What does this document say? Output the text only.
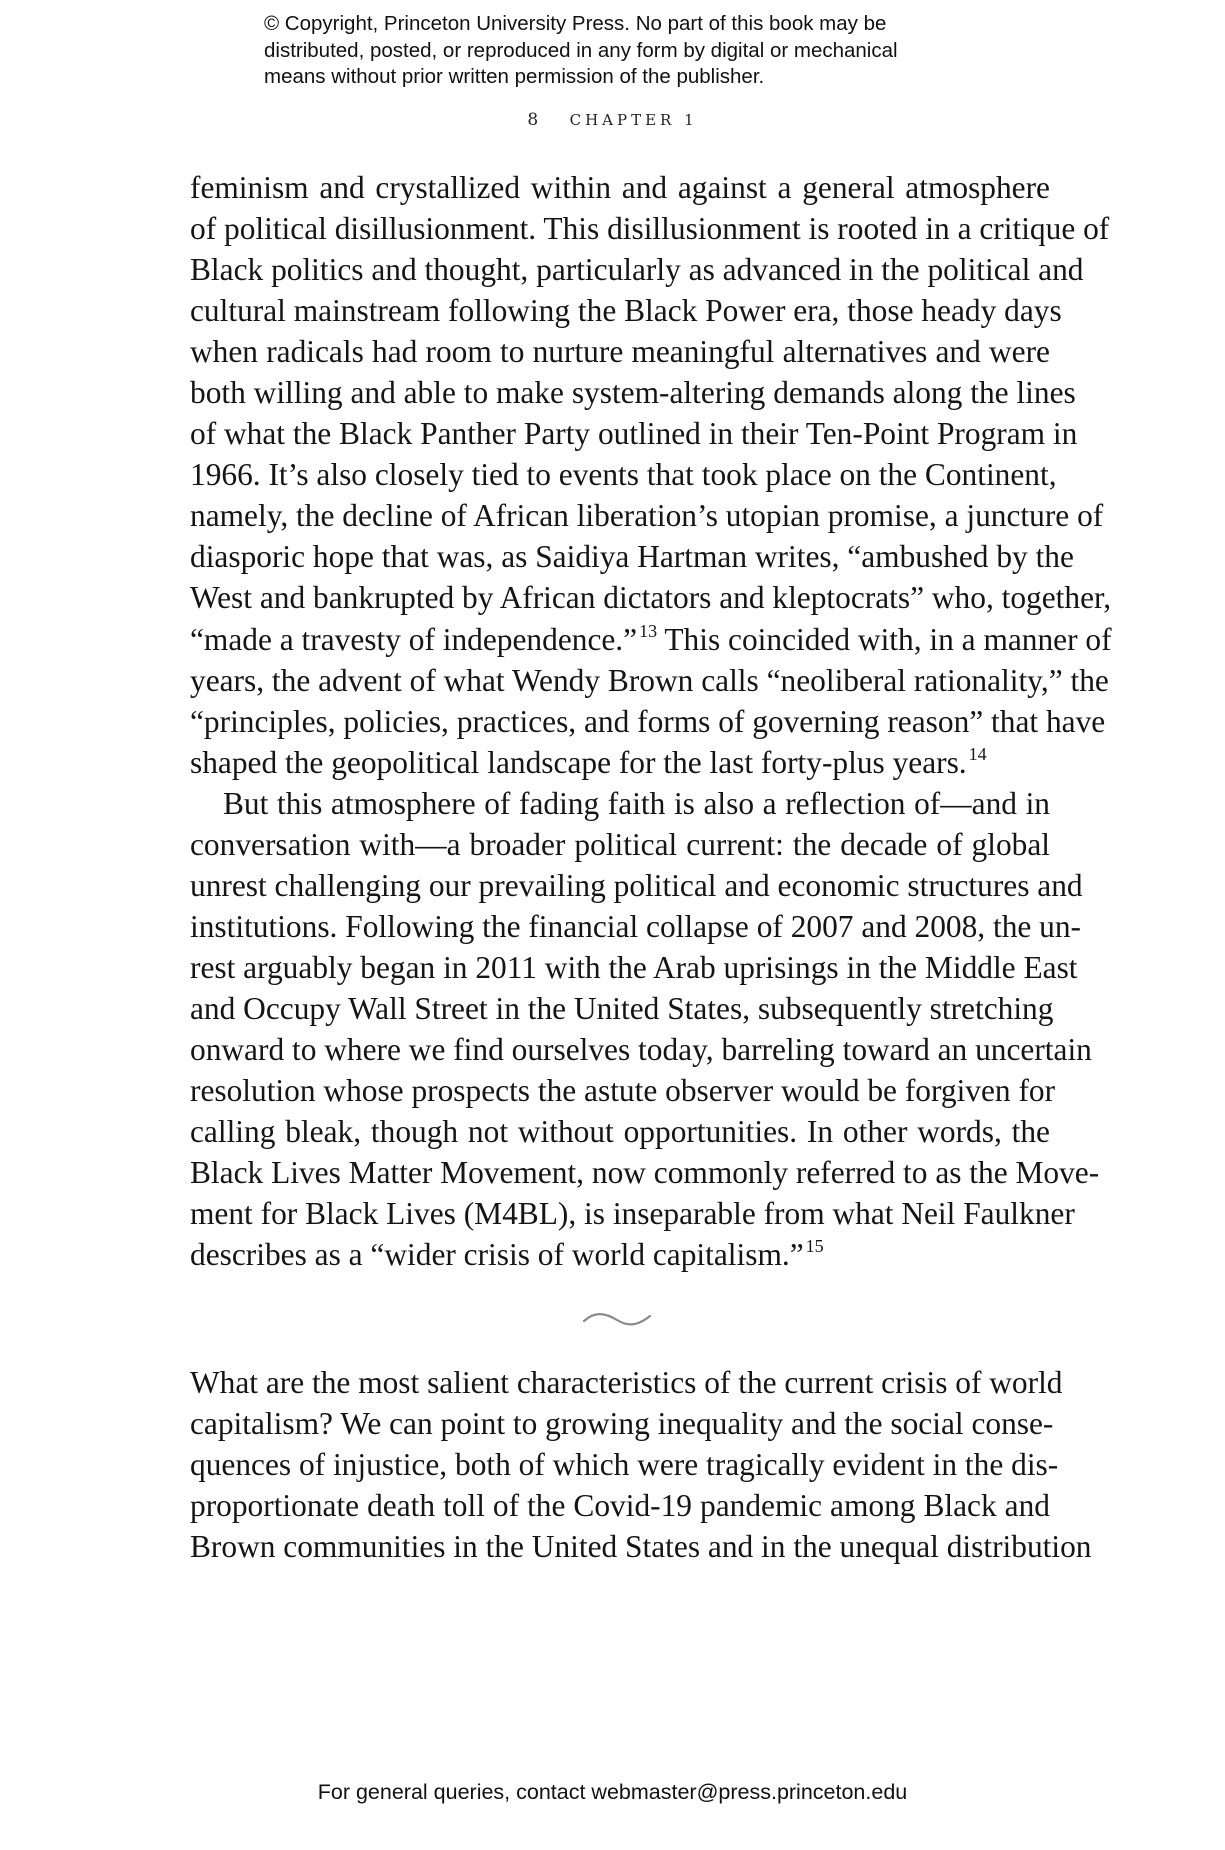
© Copyright, Princeton University Press. No part of this book may be
distributed, posted, or reproduced in any form by digital or mechanical
means without prior written permission of the publisher.
8 CHAPTER 1
feminism and crystallized within and against a general atmosphere
of political disillusionment. This disillusionment is rooted in a critique of
Black politics and thought, particularly as advanced in the political and
cultural mainstream following the Black Power era, those heady days
when radicals had room to nurture meaningful alternatives and were
both willing and able to make system-altering demands along the lines
of what the Black Panther Party outlined in their Ten-Point Program in
1966. It’s also closely tied to events that took place on the Continent,
namely, the decline of African liberation’s utopian promise, a juncture of
diasporic hope that was, as Saidiya Hartman writes, “ambushed by the
West and bankrupted by African dictators and kleptocrats” who, together,
“made a travesty of independence.” $^{13}$ This coincided with, in a manner of
years, the advent of what Wendy Brown calls “neoliberal rationality,” the
“principles, policies, practices, and forms of governing reason” that have
shaped the geopolitical landscape for the last forty-plus years. $^{14}$
But this atmosphere of fading faith is also a reflection of—and in
conversation with—a broader political current: the decade of global
unrest challenging our prevailing political and economic structures and
institutions. Following the financial collapse of 2007 and 2008, the un-
rest arguably began in 2011 with the Arab uprisings in the Middle East
and Occupy Wall Street in the United States, subsequently stretching
onward to where we find ourselves today, barreling toward an uncertain
resolution whose prospects the astute observer would be forgiven for
calling bleak, though not without opportunities. In other words, the
Black Lives Matter Movement, now commonly referred to as the Move-
ment for Black Lives (M4BL), is inseparable from what Neil Faulkner
describes as a “wider crisis of world capitalism.” $^{15}$
What are the most salient characteristics of the current crisis of world
capitalism? We can point to growing inequality and the social conse-
quences of injustice, both of which were tragically evident in the dis-
proportionate death toll of the Covid-19 pandemic among Black and
Brown communities in the United States and in the unequal distribution
For general queries, contact webmaster@press.princeton.edu
